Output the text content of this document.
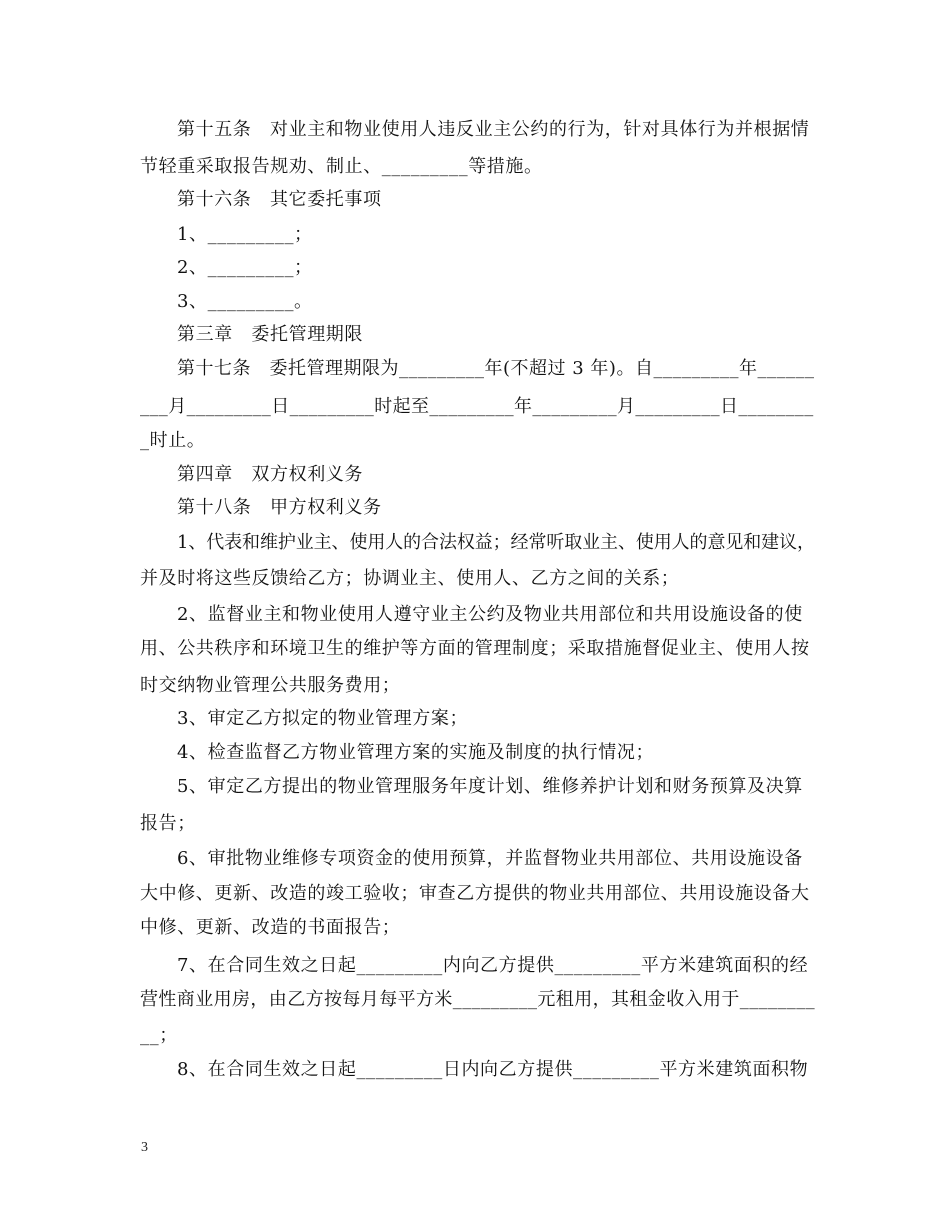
第十五条　对业主和物业使用人违反业主公约的行为，针对具体行为并根据情
节轻重采取报告规劝、制止、_________等措施。
第十六条　其它委托事项
1、_________；
2、_________；
3、_________。
第三章　委托管理期限
第十七条　委托管理期限为_________年(不超过 3 年)。自_________年______
___月_________日_________时起至_________年_________月_________日________
_时止。
第四章　双方权利义务
第十八条　甲方权利义务
1、代表和维护业主、使用人的合法权益；经常听取业主、使用人的意见和建议，
并及时将这些反馈给乙方；协调业主、使用人、乙方之间的关系；
2、监督业主和物业使用人遵守业主公约及物业共用部位和共用设施设备的使
用、公共秩序和环境卫生的维护等方面的管理制度；采取措施督促业主、使用人按
时交纳物业管理公共服务费用；
3、审定乙方拟定的物业管理方案；
4、检查监督乙方物业管理方案的实施及制度的执行情况；
5、审定乙方提出的物业管理服务年度计划、维修养护计划和财务预算及决算
报告；
6、审批物业维修专项资金的使用预算，并监督物业共用部位、共用设施设备
大中修、更新、改造的竣工验收；审查乙方提供的物业共用部位、共用设施设备大
中修、更新、改造的书面报告；
7、在合同生效之日起_________内向乙方提供_________平方米建筑面积的经
营性商业用房，由乙方按每月每平方米_________元租用，其租金收入用于________
__；
8、在合同生效之日起_________日内向乙方提供_________平方米建筑面积物
3
